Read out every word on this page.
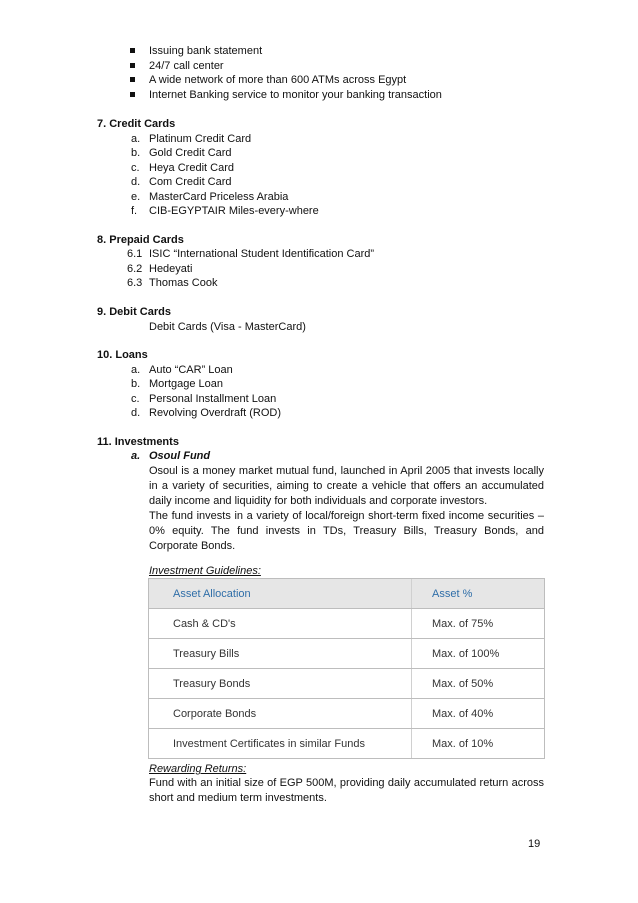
Issuing bank statement
24/7 call center
A wide network of more than 600 ATMs across Egypt
Internet Banking service to monitor your banking transaction
7. Credit Cards
a. Platinum Credit Card
b. Gold Credit Card
c. Heya Credit Card
d. Com Credit Card
e. MasterCard Priceless Arabia
f. CIB-EGYPTAIR Miles-every-where
8. Prepaid Cards
6.1 ISIC “International Student Identification Card”
6.2 Hedeyati
6.3 Thomas Cook
9. Debit Cards
Debit Cards (Visa - MasterCard)
10. Loans
a. Auto “CAR” Loan
b. Mortgage Loan
c. Personal Installment Loan
d. Revolving Overdraft (ROD)
11. Investments
a. Osoul Fund
Osoul is a money market mutual fund, launched in April 2005 that invests locally in a variety of securities, aiming to create a vehicle that offers an accumulated daily income and liquidity for both individuals and corporate investors.
The fund invests in a variety of local/foreign short-term fixed income securities – 0% equity. The fund invests in TDs, Treasury Bills, Treasury Bonds, and Corporate Bonds.
Investment Guidelines:
Asset Allocation	Asset %
Cash & CD's	Max. of 75%
Treasury Bills	Max. of 100%
Treasury Bonds	Max. of 50%
Corporate Bonds	Max. of 40%
Investment Certificates in similar Funds	Max. of 10%
Rewarding Returns:
Fund with an initial size of EGP 500M, providing daily accumulated return across short and medium term investments.
19
